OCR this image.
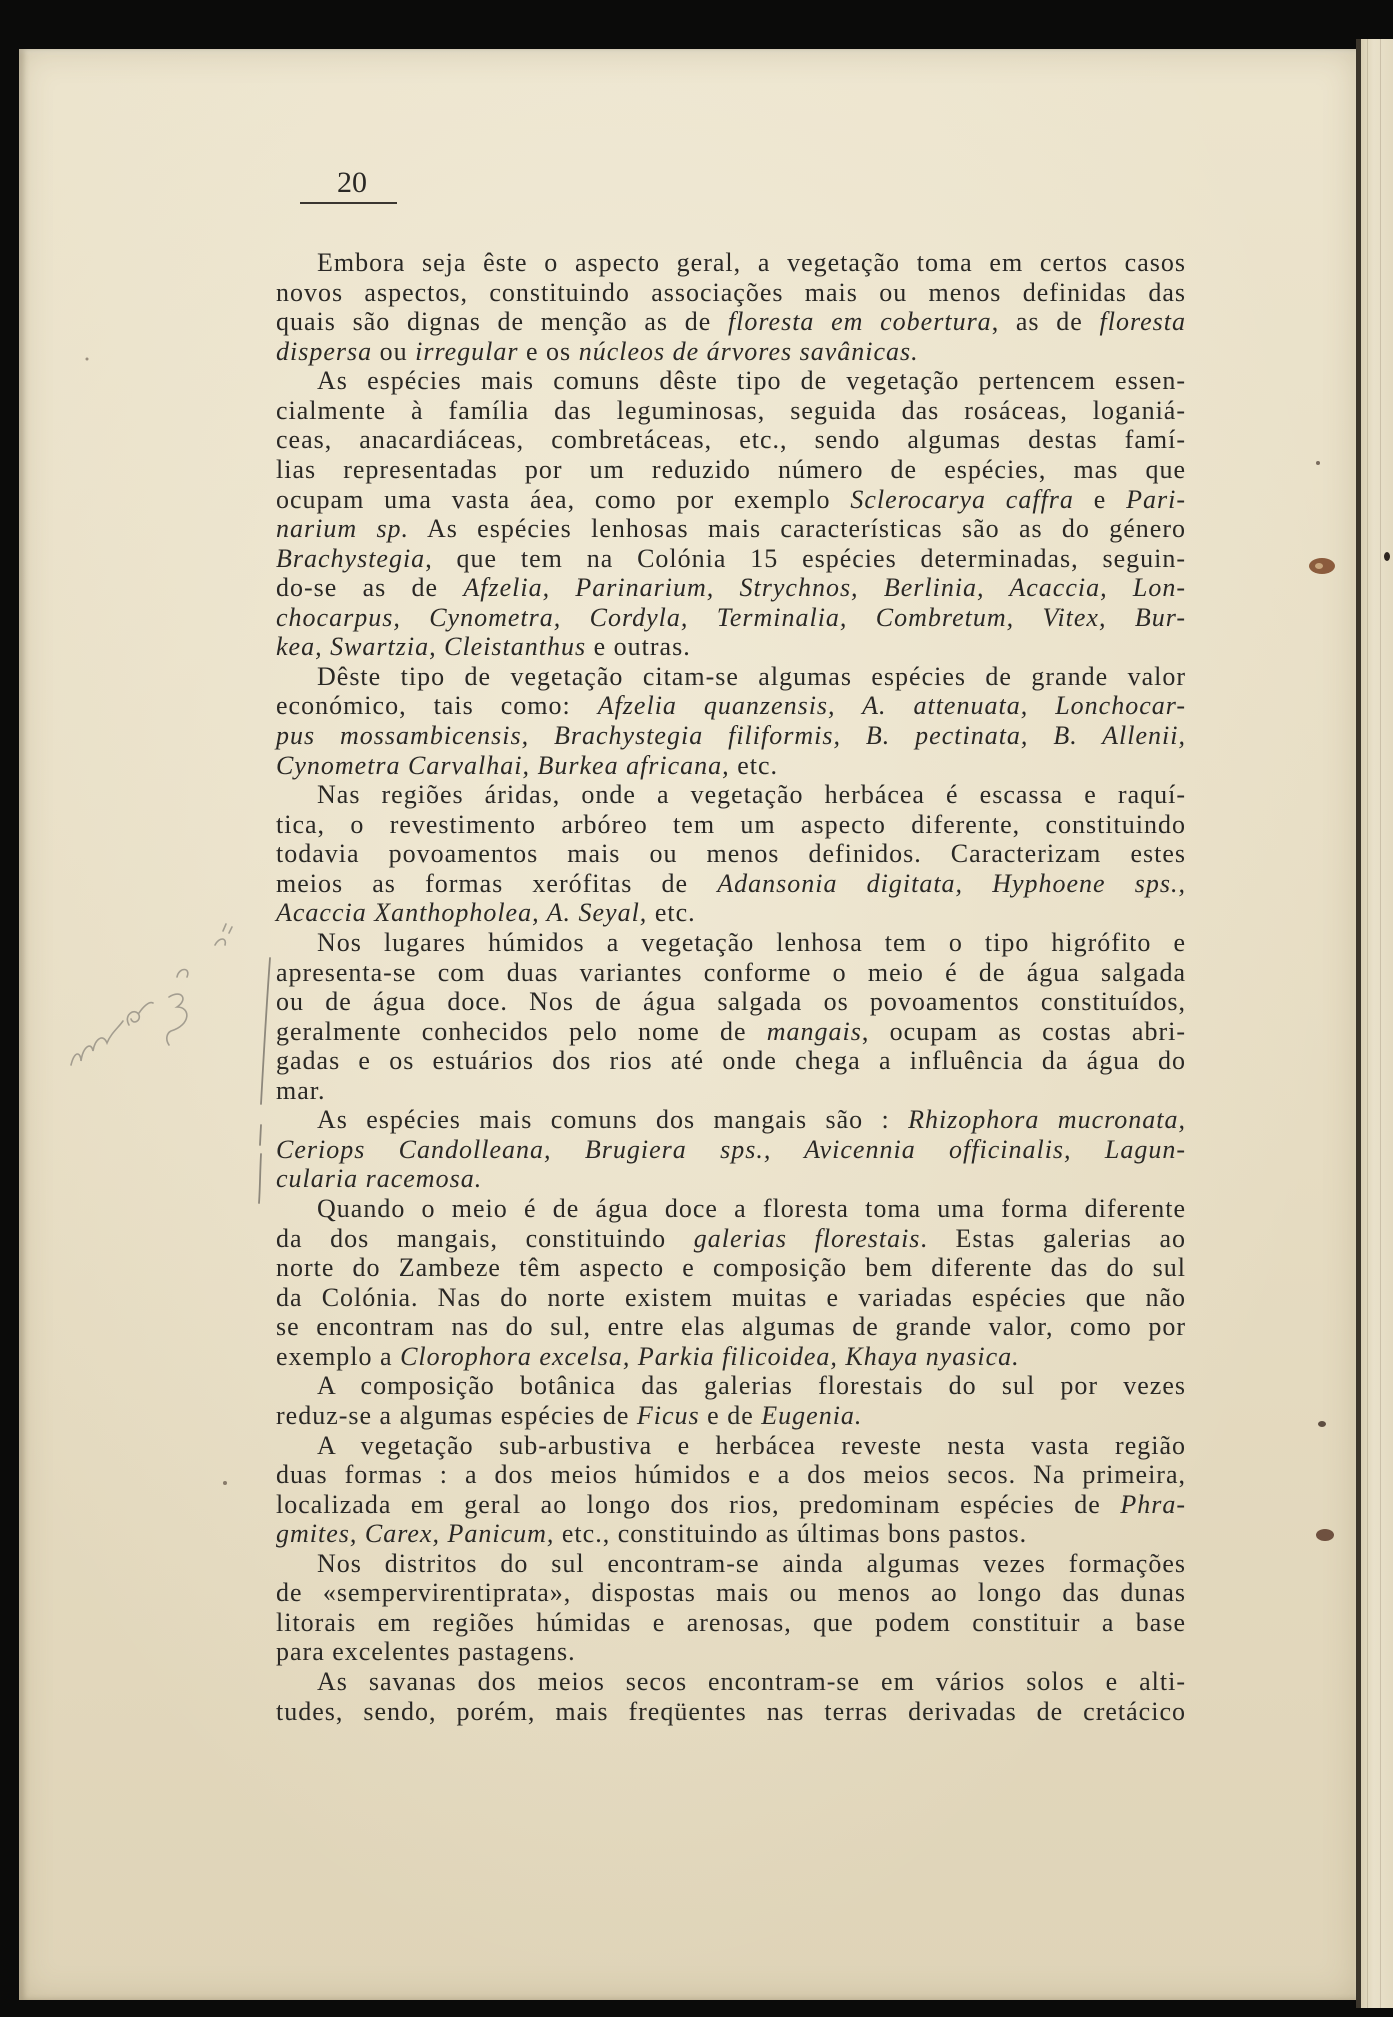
20
Embora seja êste o aspecto geral, a vegetação toma em certos casos
novos aspectos, constituindo associações mais ou menos definidas das
quais são dignas de menção as de floresta em cobertura, as de floresta
dispersa ou irregular e os núcleos de árvores savânicas.
As espécies mais comuns dêste tipo de vegetação pertencem essen-
cialmente à família das leguminosas, seguida das rosáceas, loganiá-
ceas, anacardiáceas, combretáceas, etc., sendo algumas destas famí-
lias representadas por um reduzido número de espécies, mas que
ocupam uma vasta áea, como por exemplo Sclerocarya caffra e Pari-
narium sp. As espécies lenhosas mais características são as do género
Brachystegia, que tem na Colónia 15 espécies determinadas, seguin-
do-se as de Afzelia, Parinarium, Strychnos, Berlinia, Acaccia, Lon-
chocarpus, Cynometra, Cordyla, Terminalia, Combretum, Vitex, Bur-
kea, Swartzia, Cleistanthus e outras.
Dêste tipo de vegetação citam-se algumas espécies de grande valor
económico, tais como: Afzelia quanzensis, A. attenuata, Lonchocar-
pus mossambicensis, Brachystegia filiformis, B. pectinata, B. Allenii,
Cynometra Carvalhai, Burkea africana, etc.
Nas regiões áridas, onde a vegetação herbácea é escassa e raquí-
tica, o revestimento arbóreo tem um aspecto diferente, constituindo
todavia povoamentos mais ou menos definidos. Caracterizam estes
meios as formas xerófitas de Adansonia digitata, Hyphoene sps.,
Acaccia Xanthopholea, A. Seyal, etc.
Nos lugares húmidos a vegetação lenhosa tem o tipo higrófito e
apresenta-se com duas variantes conforme o meio é de água salgada
ou de água doce. Nos de água salgada os povoamentos constituídos,
geralmente conhecidos pelo nome de mangais, ocupam as costas abri-
gadas e os estuários dos rios até onde chega a influência da água do
mar.
As espécies mais comuns dos mangais são : Rhizophora mucronata,
Ceriops Candolleana, Brugiera sps., Avicennia officinalis, Lagun-
cularia racemosa.
Quando o meio é de água doce a floresta toma uma forma diferente
da dos mangais, constituindo galerias florestais. Estas galerias ao
norte do Zambeze têm aspecto e composição bem diferente das do sul
da Colónia. Nas do norte existem muitas e variadas espécies que não
se encontram nas do sul, entre elas algumas de grande valor, como por
exemplo a Clorophora excelsa, Parkia filicoidea, Khaya nyasica.
A composição botânica das galerias florestais do sul por vezes
reduz-se a algumas espécies de Ficus e de Eugenia.
A vegetação sub-arbustiva e herbácea reveste nesta vasta região
duas formas : a dos meios húmidos e a dos meios secos. Na primeira,
localizada em geral ao longo dos rios, predominam espécies de Phra-
gmites, Carex, Panicum, etc., constituindo as últimas bons pastos.
Nos distritos do sul encontram-se ainda algumas vezes formações
de «sempervirentiprata», dispostas mais ou menos ao longo das dunas
litorais em regiões húmidas e arenosas, que podem constituir a base
para excelentes pastagens.
As savanas dos meios secos encontram-se em vários solos e alti-
tudes, sendo, porém, mais freqüentes nas terras derivadas de cretácico
